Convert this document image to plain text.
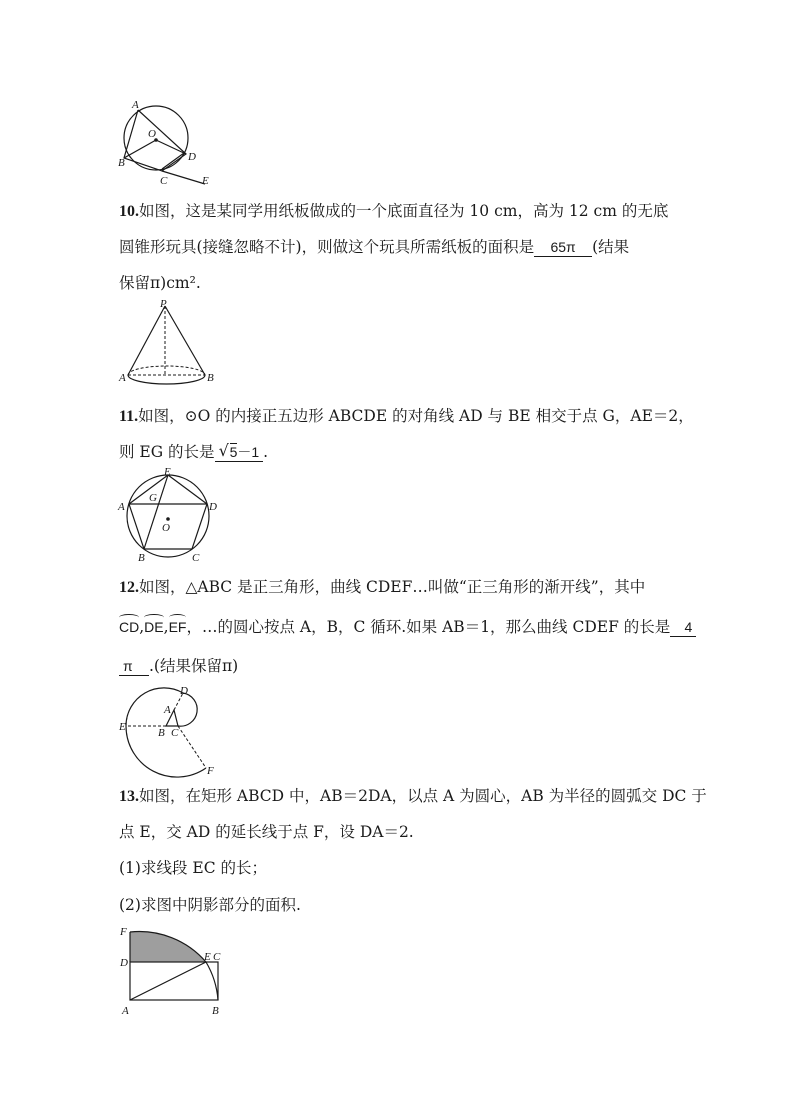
A
O
B
C
D
E
10.如图，这是某同学用纸板做成的一个底面直径为 10 cm，高为 12 cm 的无底
圆锥形玩具(接缝忽略不计)，则做这个玩具所需纸板的面积是 65π (结果
保留π)cm².
P
A	B
11.如图，⊙O 的内接正五边形 ABCDE 的对角线 AD 与 BE 相交于点 G，AE＝2，
则 EG 的长是 √ 5－1 .
E
G
A	D
O
B	C
12.如图，△ABC 是正三角形，曲线 CDEF…叫做“正三角形的渐开线”，其中
CD,DE,EF，…的圆心按点 A，B，C 循环.如果 AB＝1，那么曲线 CDEF 的长是 4
π .(结果保留π)
D
A
E	B C
F
13.如图，在矩形 ABCD 中，AB＝2DA，以点 A 为圆心，AB 为半径的圆弧交 DC 于
点 E，交 AD 的延长线于点 F，设 DA＝2.
(1)求线段 EC 的长；
(2)求图中阴影部分的面积.
F
D	E C
A	B
